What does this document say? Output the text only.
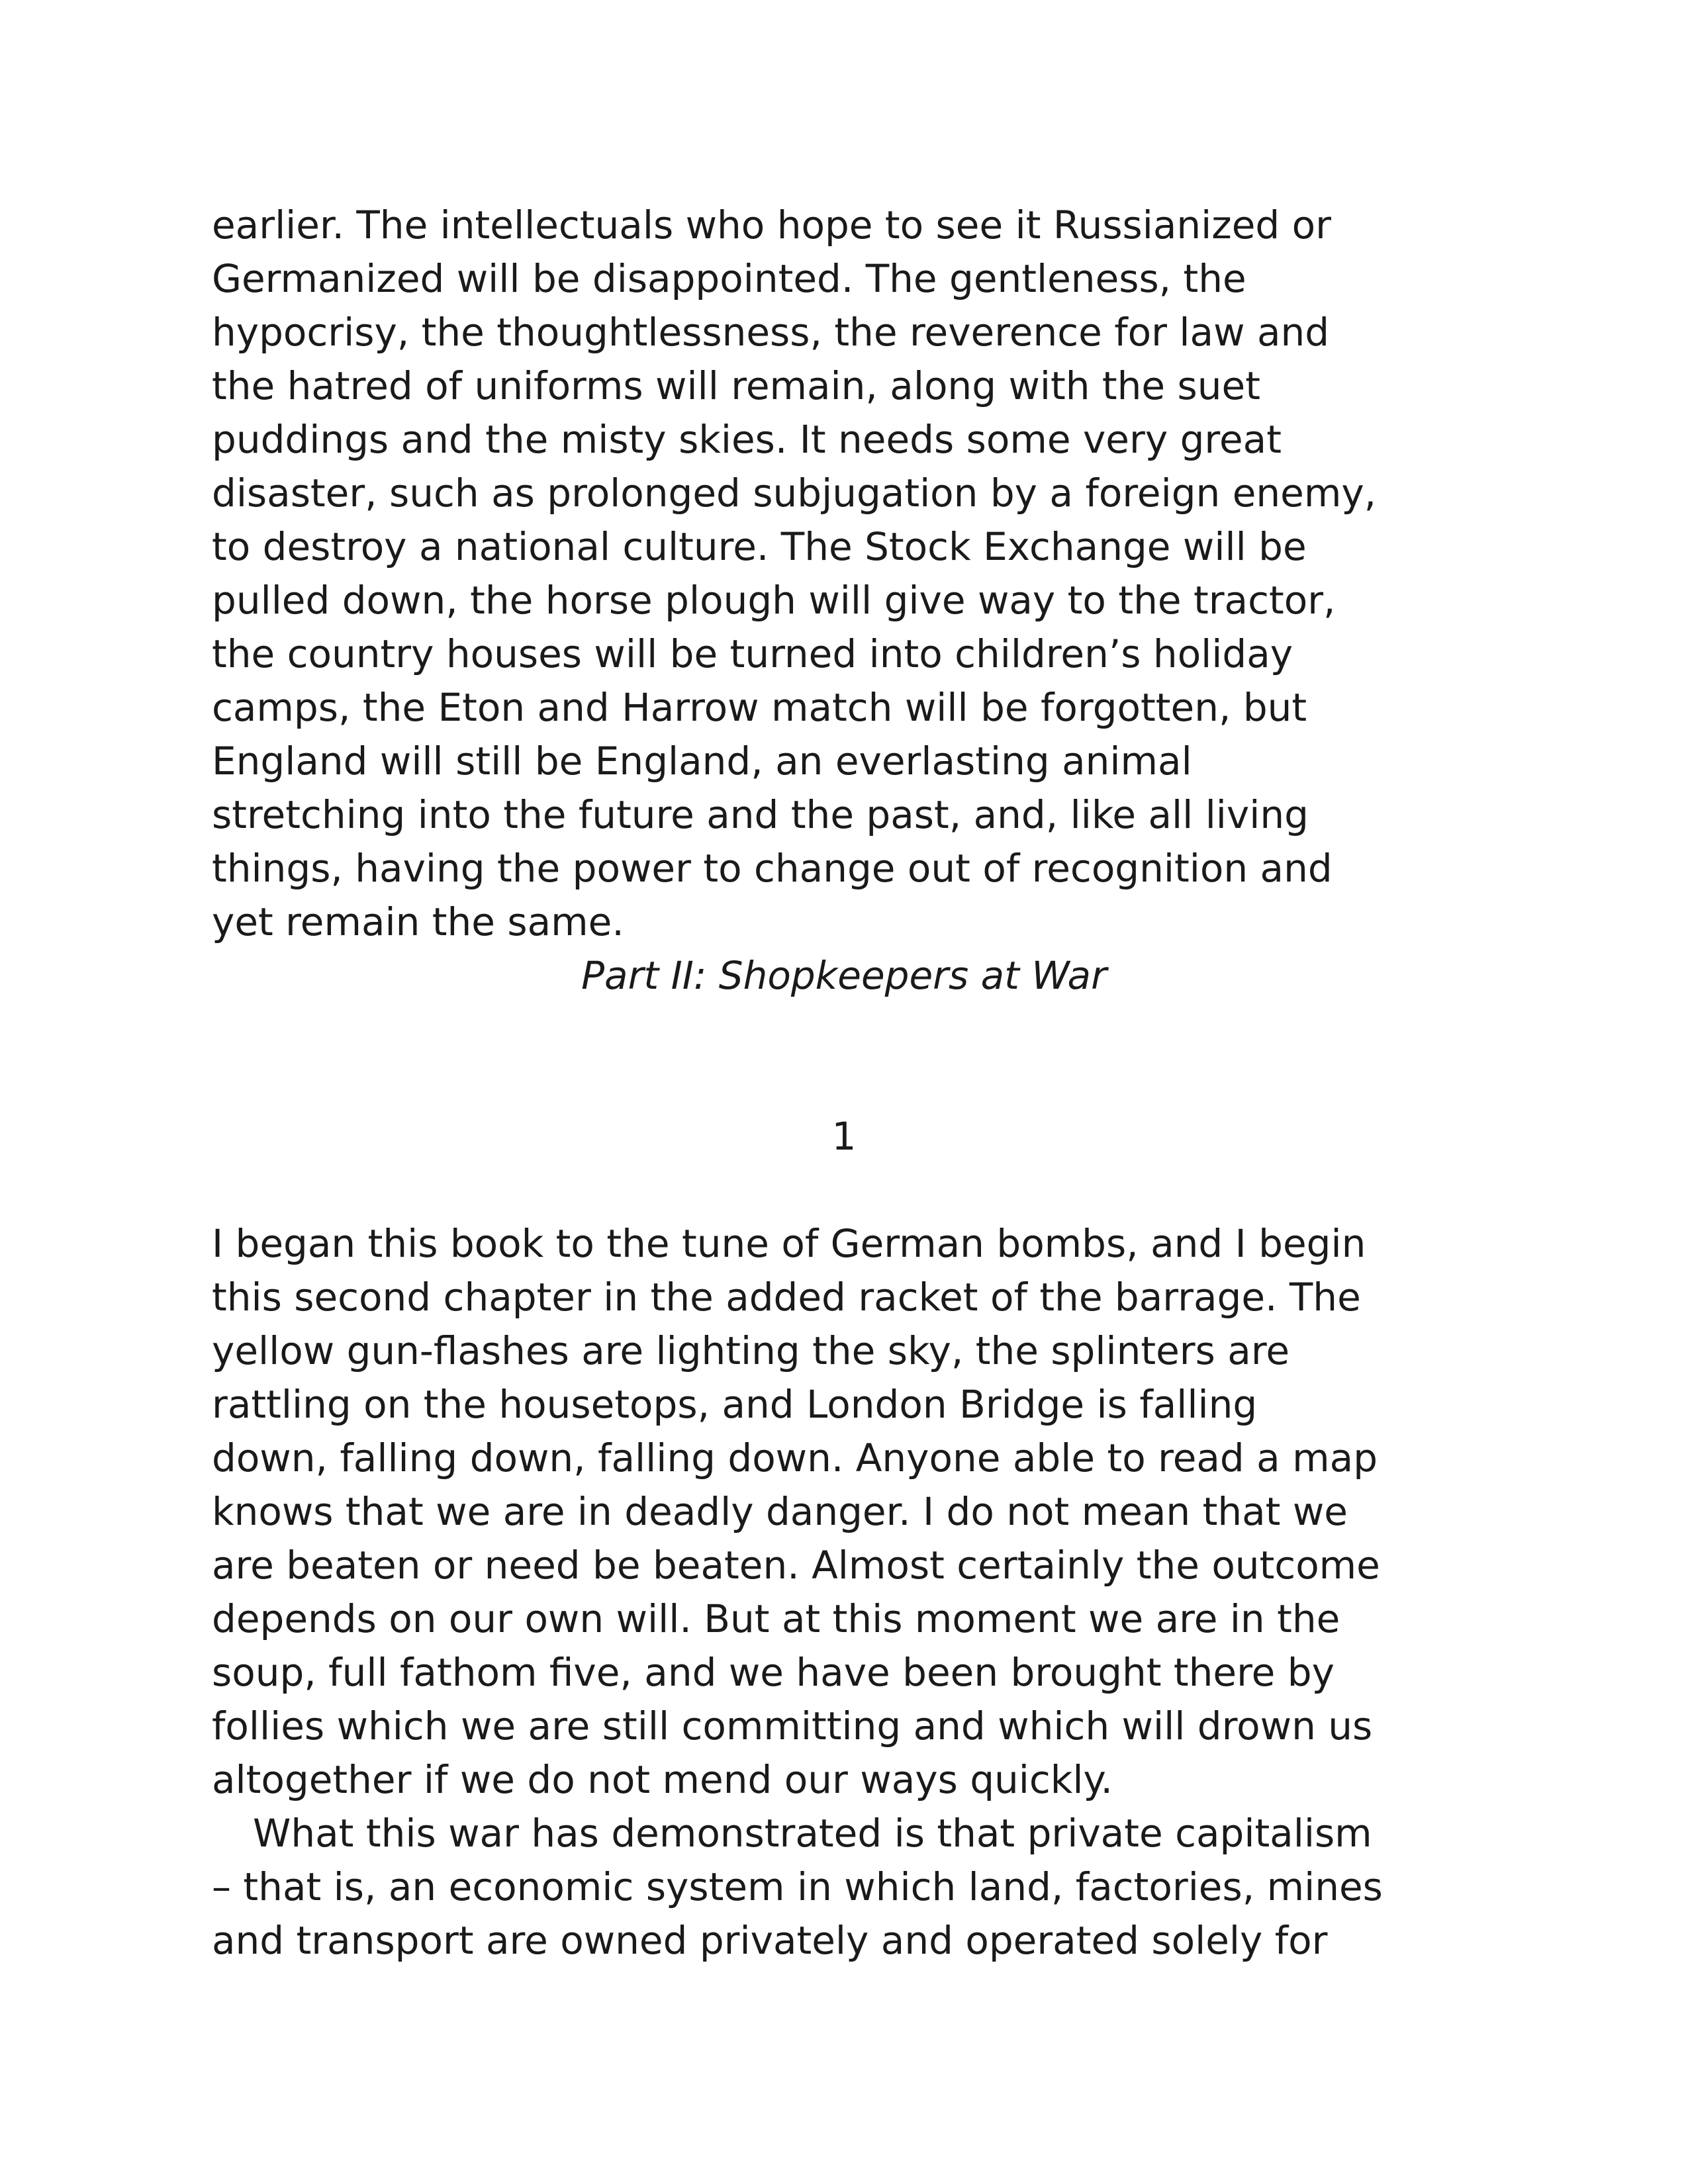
earlier. The intellectuals who hope to see it Russianized or
Germanized will be disappointed. The gentleness, the
hypocrisy, the thoughtlessness, the reverence for law and
the hatred of uniforms will remain, along with the suet
puddings and the misty skies. It needs some very great
disaster, such as prolonged subjugation by a foreign enemy,
to destroy a national culture. The Stock Exchange will be
pulled down, the horse plough will give way to the tractor,
the country houses will be turned into children’s holiday
camps, the Eton and Harrow match will be forgotten, but
England will still be England, an everlasting animal
stretching into the future and the past, and, like all living
things, having the power to change out of recognition and
yet remain the same.
Part II: Shopkeepers at War
1
I began this book to the tune of German bombs, and I begin
this second chapter in the added racket of the barrage. The
yellow gun-flashes are lighting the sky, the splinters are
rattling on the housetops, and London Bridge is falling
down, falling down, falling down. Anyone able to read a map
knows that we are in deadly danger. I do not mean that we
are beaten or need be beaten. Almost certainly the outcome
depends on our own will. But at this moment we are in the
soup, full fathom five, and we have been brought there by
follies which we are still committing and which will drown us
altogether if we do not mend our ways quickly.
What this war has demonstrated is that private capitalism
– that is, an economic system in which land, factories, mines
and transport are owned privately and operated solely for
